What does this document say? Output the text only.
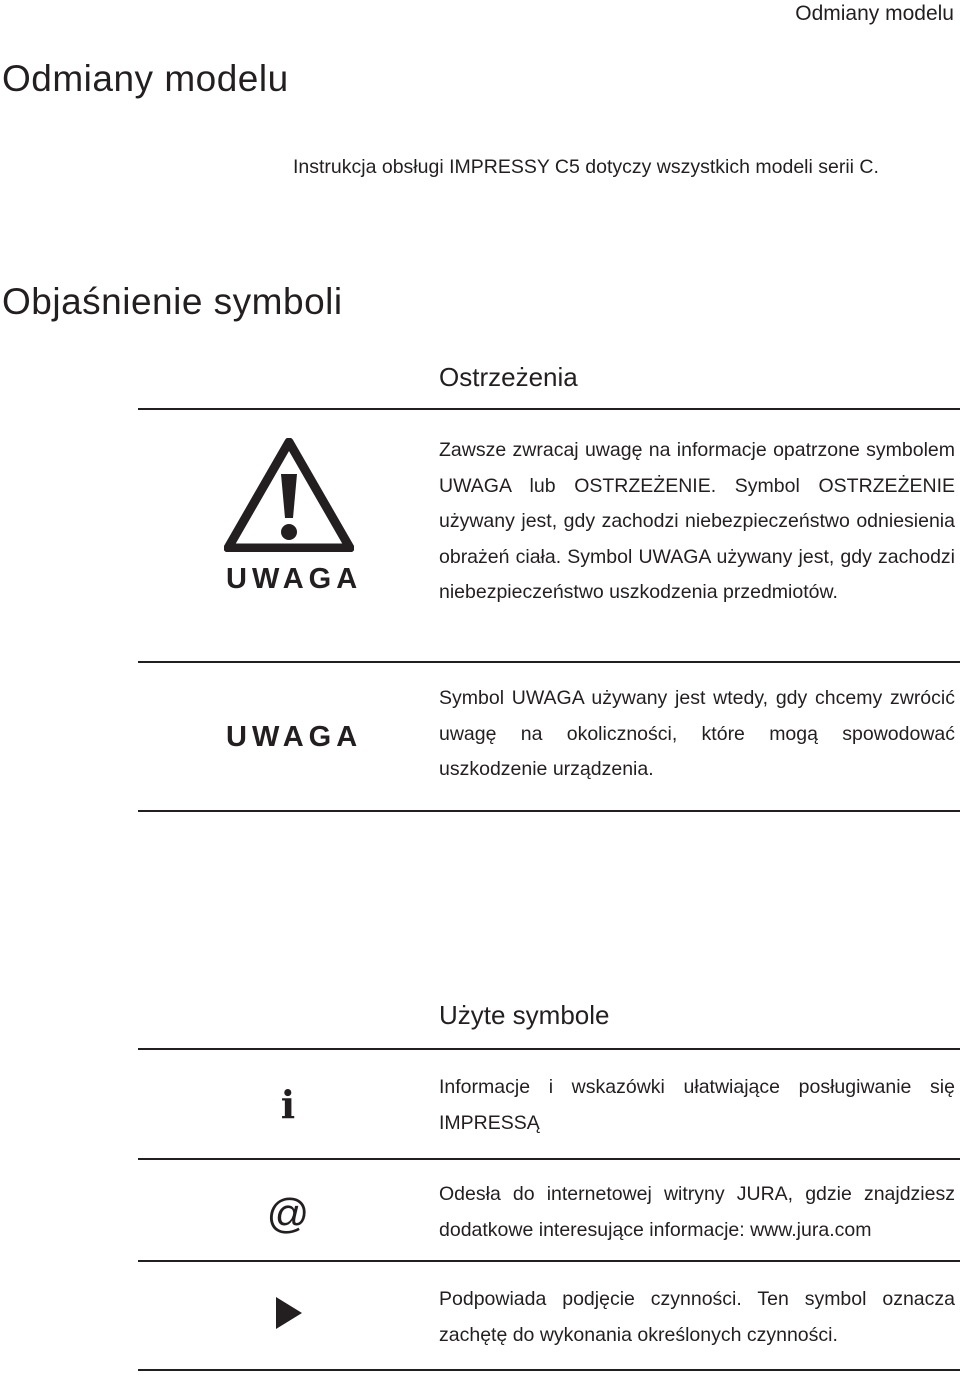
Odmiany modelu
Odmiany modelu
Instrukcja obsługi IMPRESSY C5 dotyczy wszystkich modeli serii C.
Objaśnienie symboli
Ostrzeżenia
UWAGA
Zawsze zwracaj uwagę na informacje opatrzone symbolem UWAGA lub OSTRZEŻENIE. Symbol OSTRZEŻENIE używany jest, gdy zachodzi niebezpieczeństwo odniesienia obrażeń ciała. Symbol UWAGA używany jest, gdy zachodzi niebezpieczeństwo uszkodzenia przedmiotów.
UWAGA
Symbol UWAGA używany jest wtedy, gdy chcemy zwrócić uwagę na okoliczności, które mogą spowodować uszkodzenie urządzenia.
Użyte symbole
i	Informacje i wskazówki ułatwiające posługiwanie się IMPRESSĄ
@	Odesła do internetowej witryny JURA, gdzie znajdziesz dodatkowe interesujące informacje: www.jura.com
Podpowiada podjęcie czynności. Ten symbol oznacza zachętę do wykonania określonych czynności.
